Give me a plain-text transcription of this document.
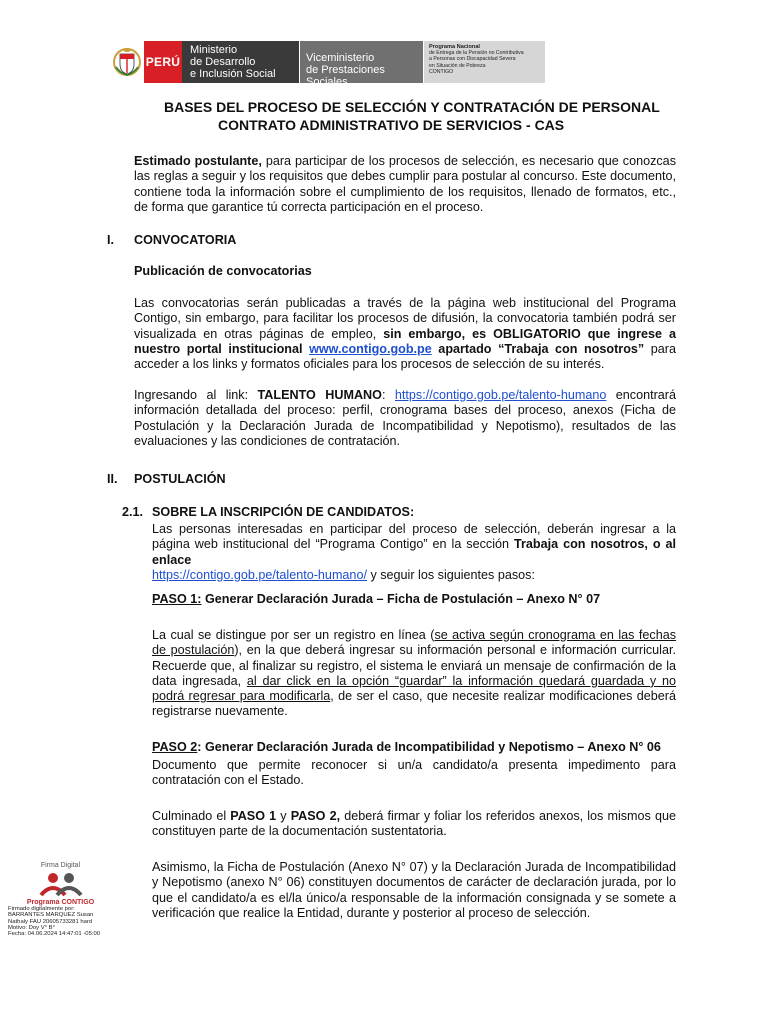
PERÚ
Ministerio
de Desarrollo
e Inclusión Social
Viceministerio
de Prestaciones Sociales
Programa Nacional
de Entrega de la Pensión no Contributiva
a Personas con Discapacidad Severa
en Situación de Pobreza
CONTIGO
BASES DEL PROCESO DE SELECCIÓN Y CONTRATACIÓN DE PERSONAL
CONTRATO ADMINISTRATIVO DE SERVICIOS - CAS

Estimado postulante, para participar de los procesos de selección, es necesario que conozcas las reglas a seguir y los requisitos que debes cumplir para postular al concurso. Este documento, contiene toda la información sobre el cumplimiento de los requisitos, llenado de formatos, etc., de forma que garantice tú correcta participación en el proceso.

I. CONVOCATORIA
Publicación de convocatorias

Las convocatorias serán publicadas a través de la página web institucional del Programa Contigo, sin embargo, para facilitar los procesos de difusión, la convocatoria también podrá ser visualizada en otras páginas de empleo, sin embargo, es OBLIGATORIO que ingrese a nuestro portal institucional www.contigo.gob.pe apartado “Trabaja con nosotros” para acceder a los links y formatos oficiales para los procesos de selección de su interés.

Ingresando al link: TALENTO HUMANO: https://contigo.gob.pe/talento-humano encontrará información detallada del proceso: perfil, cronograma bases del proceso, anexos (Ficha de Postulación y la Declaración Jurada de Incompatibilidad y Nepotismo), resultados de las evaluaciones y las condiciones de contratación.

II. POSTULACIÓN
2.1. SOBRE LA INSCRIPCIÓN DE CANDIDATOS:

Las personas interesadas en participar del proceso de selección, deberán ingresar a la página web institucional del “Programa Contigo” en la sección Trabaja con nosotros, o al enlace
https://contigo.gob.pe/talento-humano/ y seguir los siguientes pasos:

PASO 1: Generar Declaración Jurada – Ficha de Postulación – Anexo N° 07

La cual se distingue por ser un registro en línea (se activa según cronograma en las fechas de postulación), en la que deberá ingresar su información personal e información curricular. Recuerde que, al finalizar su registro, el sistema le enviará un mensaje de confirmación de la data ingresada, al dar click en la opción “guardar” la información quedará guardada y no podrá regresar para modificarla, de ser el caso, que necesite realizar modificaciones deberá registrarse nuevamente.

PASO 2: Generar Declaración Jurada de Incompatibilidad y Nepotismo – Anexo N° 06

Documento que permite reconocer si un/a candidato/a presenta impedimento para contratación con el Estado.

Culminado el PASO 1 y PASO 2, deberá firmar y foliar los referidos anexos, los mismos que constituyen parte de la documentación sustentatoria.

Asimismo, la Ficha de Postulación (Anexo N° 07) y la Declaración Jurada de Incompatibilidad y Nepotismo (anexo N° 06) constituyen documentos de carácter de declaración jurada, por lo que el candidato/a es el/la único/a responsable de la información consignada y se somete a verificación que realice la Entidad, durante y posterior al proceso de selección.

Firma Digital
Programa CONTIGO
Firmado digitalmente por:
BARRANTES MARQUEZ Susan
Nathaly FAU 20605733281 hard
Motivo: Doy V° B°
Fecha: 04.06.2024 14:47:01 -05:00
